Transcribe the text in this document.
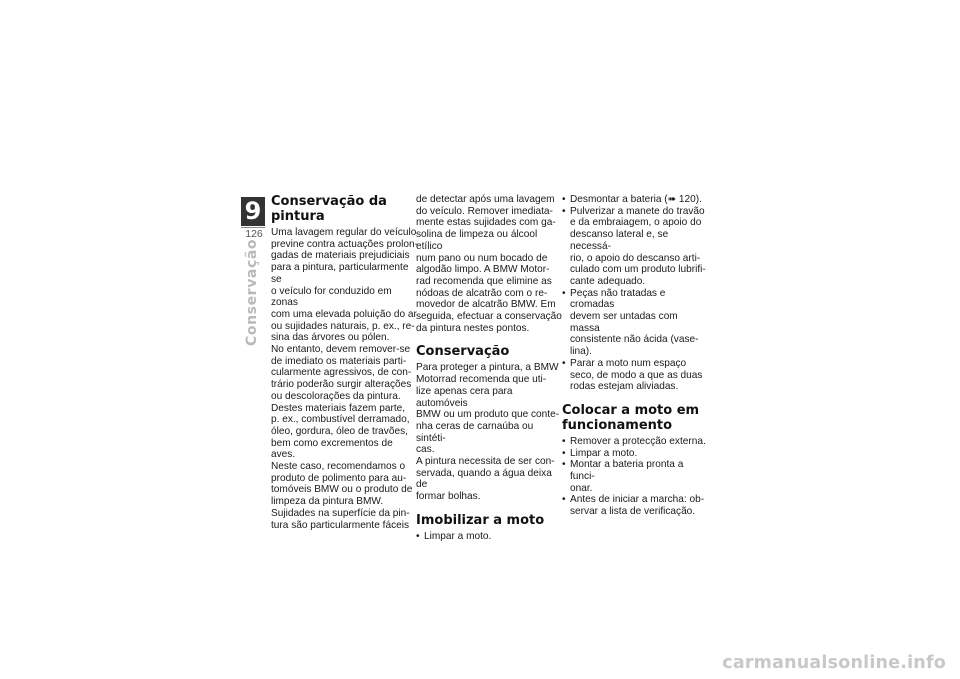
9
126
Conservação
Conservação da
pintura

Uma lavagem regular do veículo
previne contra actuações prolon-
gadas de materiais prejudiciais
para a pintura, particularmente se
o veículo for conduzido em zonas
com uma elevada poluição do ar
ou sujidades naturais, p. ex., re-
sina das árvores ou pólen.

No entanto, devem remover-se
de imediato os materiais parti-
cularmente agressivos, de con-
trário poderão surgir alterações
ou descolorações da pintura.
Destes materiais fazem parte,
p. ex., combustível derramado,
óleo, gordura, óleo de travões,
bem como excrementos de aves.
Neste caso, recomendamos o
produto de polimento para au-
tomóveis BMW ou o produto de
limpeza da pintura BMW.

Sujidades na superfície da pin-
tura são particularmente fáceis

de detectar após uma lavagem
do veículo. Remover imediata-
mente estas sujidades com ga-
solina de limpeza ou álcool etílico
num pano ou num bocado de
algodão limpo. A BMW Motor-
rad recomenda que elimine as
nódoas de alcatrão com o re-
movedor de alcatrão BMW. Em
seguida, efectuar a conservação
da pintura nestes pontos.

Conservação

Para proteger a pintura, a BMW
Motorrad recomenda que uti-
lize apenas cera para automóveis
BMW ou um produto que conte-
nha ceras de carnaúba ou sintéti-
cas.

A pintura necessita de ser con-
servada, quando a água deixa de
formar bolhas.

Imobilizar a moto
• Limpar a moto.
• Desmontar a bateria (➠ 120).
• Pulverizar a manete do travão
e da embraiagem, o apoio do
descanso lateral e, se necessá-
rio, o apoio do descanso arti-
culado com um produto lubrifi-
cante adequado.
• Peças não tratadas e cromadas
devem ser untadas com massa
consistente não ácida (vase-
lina).
• Parar a moto num espaço
seco, de modo a que as duas
rodas estejam aliviadas.
Colocar a moto em
funcionamento
• Remover a protecção externa.
• Limpar a moto.
• Montar a bateria pronta a funci-
onar.
• Antes de iniciar a marcha: ob-
servar a lista de verificação.
carmanualsonline.info
